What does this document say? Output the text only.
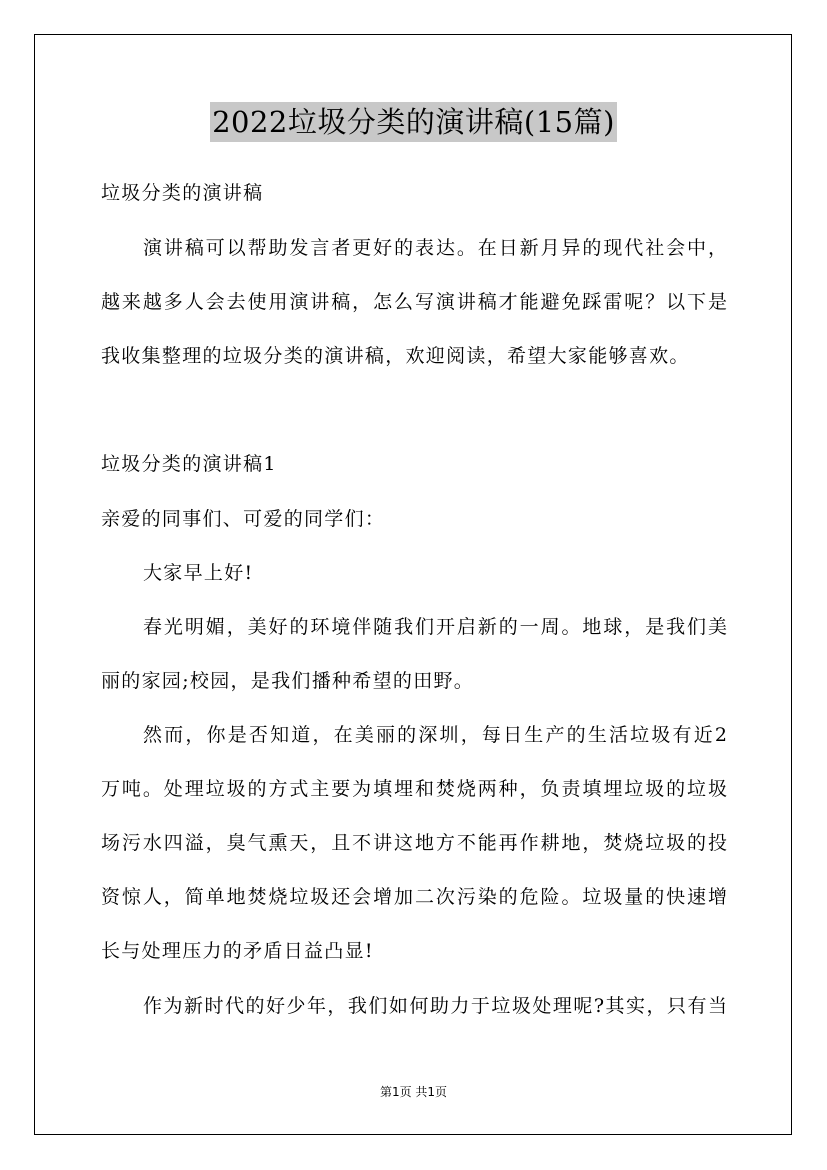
2022垃圾分类的演讲稿(15篇)
垃圾分类的演讲稿
演讲稿可以帮助发言者更好的表达。在日新月异的现代社会中，
越来越多人会去使用演讲稿，怎么写演讲稿才能避免踩雷呢？以下是
我收集整理的垃圾分类的演讲稿，欢迎阅读，希望大家能够喜欢。
垃圾分类的演讲稿1
亲爱的同事们、可爱的同学们：
大家早上好!
春光明媚，美好的环境伴随我们开启新的一周。地球，是我们美
丽的家园;校园，是我们播种希望的田野。
然而，你是否知道，在美丽的深圳，每日生产的生活垃圾有近2
万吨。处理垃圾的方式主要为填埋和焚烧两种，负责填埋垃圾的垃圾
场污水四溢，臭气熏天，且不讲这地方不能再作耕地，焚烧垃圾的投
资惊人，简单地焚烧垃圾还会增加二次污染的危险。垃圾量的快速增
长与处理压力的矛盾日益凸显!
作为新时代的好少年，我们如何助力于垃圾处理呢?其实，只有当
第1页 共1页
